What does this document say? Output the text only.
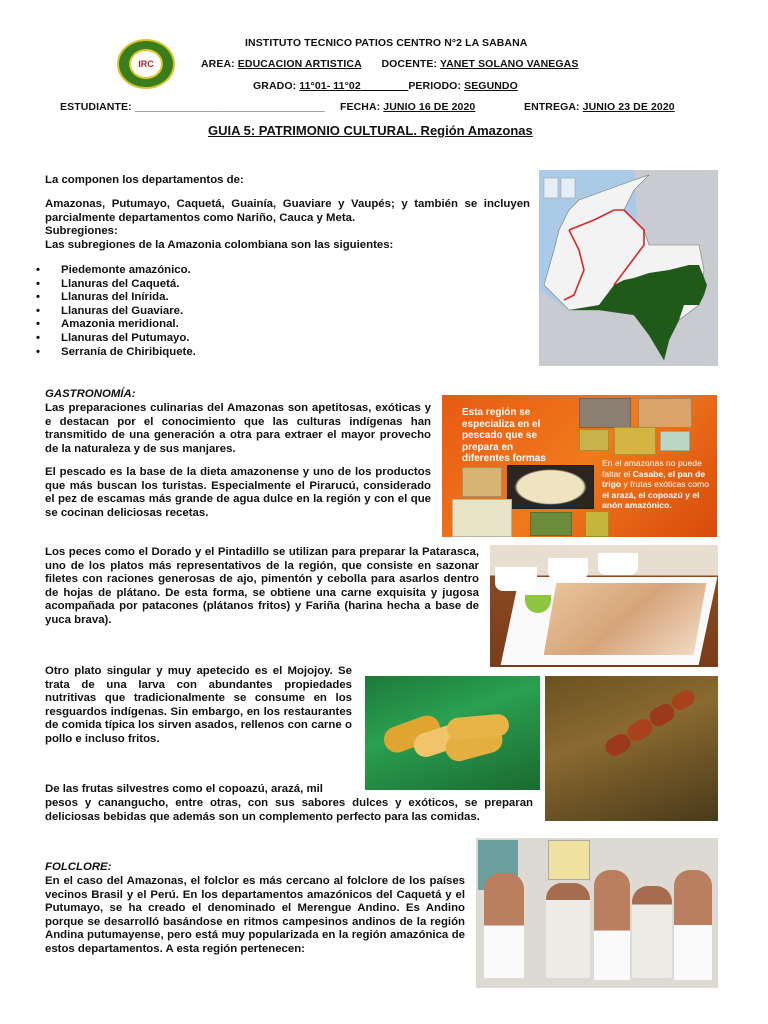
IRC
INSTITUTO TECNICO PATIOS CENTRO N°2 LA SABANA
AREA: EDUCACION ARTISTICA DOCENTE: YANET SOLANO VANEGAS
GRADO: 11°01- 11°02________PERIODO: SEGUNDO
ESTUDIANTE: ________________________________ FECHA: JUNIO 16 DE 2020	ENTREGA: JUNIO 23 DE 2020
GUIA 5: PATRIMONIO CULTURAL. Región Amazonas
La componen los departamentos de:
Amazonas, Putumayo, Caquetá, Guainía, Guaviare y Vaupés; y también se incluyen parcialmente departamentos como Nariño, Cauca y Meta.
Subregiones:
Las subregiones de la Amazonia colombiana son las siguientes:
• Piedemonte amazónico.
• Llanuras del Caquetá.
• Llanuras del Inírida.
• Llanuras del Guaviare.
• Amazonia meridional.
• Llanuras del Putumayo.
• Serranía de Chiribiquete.
GASTRONOMÍA:
Las preparaciones culinarias del Amazonas son apetitosas, exóticas y e destacan por el conocimiento que las culturas indígenas han transmitido de una generación a otra para extraer el mayor provecho de la naturaleza y de sus manjares.
El pescado es la base de la dieta amazonense y uno de los productos que más buscan los turistas. Especialmente el Pirarucú, considerado el pez de escamas más grande de agua dulce en la región y con el que se cocinan deliciosas recetas.
Esta región se especializa en el pescado que se prepara en diferentes formas	En el amazonas no puede faltar el Casabe, el pan de trigo y frutas exóticas como el arazá, el copoazú y el anón amazónico.
Los peces como el Dorado y el Pintadillo se utilizan para preparar la Patarasca, uno de los platos más representativos de la región, que consiste en sazonar filetes con raciones generosas de ajo, pimentón y cebolla para asarlos dentro de hojas de plátano. De esta forma, se obtiene una carne exquisita y jugosa acompañada por patacones (plátanos fritos) y Fariña (harina hecha a base de yuca brava).
Otro plato singular y muy apetecido es el Mojojoy. Se trata de una larva con abundantes propiedades nutritivas que tradicionalmente se consume en los resguardos indígenas. Sin embargo, en los restaurantes de comida típica los sirven asados, rellenos con carne o pollo e incluso fritos.
De las frutas silvestres como el copoazú, arazá, mil
pesos y canangucho, entre otras, con sus sabores dulces y exóticos, se preparan deliciosas bebidas que además son un complemento perfecto para las comidas.
FOLCLORE:
En el caso del Amazonas, el folclor es más cercano al folclore de los países vecinos Brasil y el Perú. En los departamentos amazónicos del Caquetá y el Putumayo, se ha creado el denominado el Merengue Andino. Es Andino porque se desarrolló basándose en ritmos campesinos andinos de la región Andina putumayense, pero está muy popularizada en la región amazónica de estos departamentos. A esta región pertenecen:
